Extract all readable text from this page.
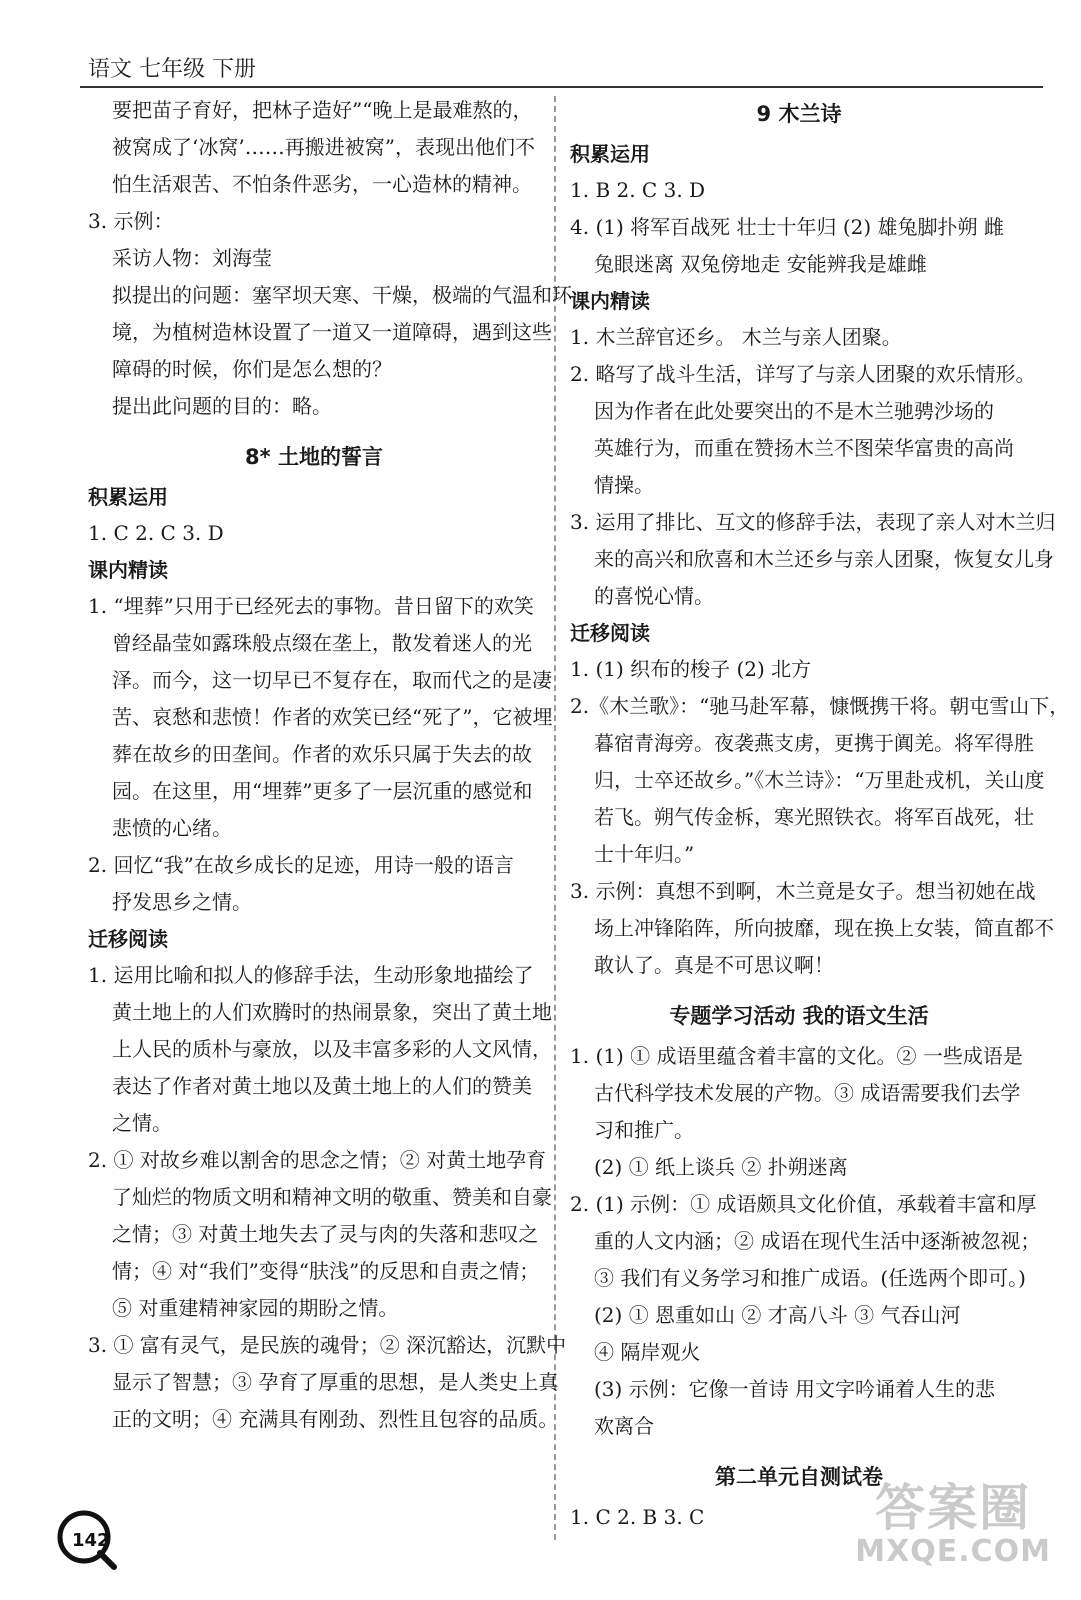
语文 七年级 下册
要把苗子育好，把林子造好”“晚上是最难熬的，
被窝成了‘冰窝’……再搬进被窝”，表现出他们不
怕生活艰苦、不怕条件恶劣，一心造林的精神。
3. 示例：
采访人物：刘海莹
拟提出的问题：塞罕坝天寒、干燥，极端的气温和环
境，为植树造林设置了一道又一道障碍，遇到这些
障碍的时候，你们是怎么想的？
提出此问题的目的：略。
8* 土地的誓言
积累运用
1. C 2. C 3. D
课内精读
1. “埋葬”只用于已经死去的事物。昔日留下的欢笑
曾经晶莹如露珠般点缀在垄上，散发着迷人的光
泽。而今，这一切早已不复存在，取而代之的是凄
苦、哀愁和悲愤！作者的欢笑已经“死了”，它被埋
葬在故乡的田垄间。作者的欢乐只属于失去的故
园。在这里，用“埋葬”更多了一层沉重的感觉和
悲愤的心绪。
2. 回忆“我”在故乡成长的足迹，用诗一般的语言
抒发思乡之情。
迁移阅读
1. 运用比喻和拟人的修辞手法，生动形象地描绘了
黄土地上的人们欢腾时的热闹景象，突出了黄土地
上人民的质朴与豪放，以及丰富多彩的人文风情，
表达了作者对黄土地以及黄土地上的人们的赞美
之情。
2. ① 对故乡难以割舍的思念之情；② 对黄土地孕育
了灿烂的物质文明和精神文明的敬重、赞美和自豪
之情；③ 对黄土地失去了灵与肉的失落和悲叹之
情；④ 对“我们”变得“肤浅”的反思和自责之情；
⑤ 对重建精神家园的期盼之情。
3. ① 富有灵气，是民族的魂骨；② 深沉豁达，沉默中
显示了智慧；③ 孕育了厚重的思想，是人类史上真
正的文明；④ 充满具有刚劲、烈性且包容的品质。
9 木兰诗
积累运用
1. B 2. C 3. D
4. (1) 将军百战死 壮士十年归 (2) 雄兔脚扑朔 雌
兔眼迷离 双兔傍地走 安能辨我是雄雌
课内精读
1. 木兰辞官还乡。 木兰与亲人团聚。
2. 略写了战斗生活，详写了与亲人团聚的欢乐情形。
因为作者在此处要突出的不是木兰驰骋沙场的
英雄行为，而重在赞扬木兰不图荣华富贵的高尚
情操。
3. 运用了排比、互文的修辞手法，表现了亲人对木兰归
来的高兴和欣喜和木兰还乡与亲人团聚，恢复女儿身
的喜悦心情。
迁移阅读
1. (1) 织布的梭子 (2) 北方
2.《木兰歌》：“驰马赴军幕，慷慨携干将。朝屯雪山下，
暮宿青海旁。夜袭燕支虏，更携于阗羌。将军得胜
归，士卒还故乡。”《木兰诗》：“万里赴戎机，关山度
若飞。朔气传金柝，寒光照铁衣。将军百战死，壮
士十年归。”
3. 示例：真想不到啊，木兰竟是女子。想当初她在战
场上冲锋陷阵，所向披靡，现在换上女装，简直都不
敢认了。真是不可思议啊！
专题学习活动 我的语文生活
1. (1) ① 成语里蕴含着丰富的文化。② 一些成语是
古代科学技术发展的产物。③ 成语需要我们去学
习和推广。
(2) ① 纸上谈兵 ② 扑朔迷离
2. (1) 示例：① 成语颇具文化价值，承载着丰富和厚
重的人文内涵；② 成语在现代生活中逐渐被忽视；
③ 我们有义务学习和推广成语。(任选两个即可。)
(2) ① 恩重如山 ② 才高八斗 ③ 气吞山河
④ 隔岸观火
(3) 示例：它像一首诗 用文字吟诵着人生的悲
欢离合
第二单元自测试卷
1. C 2. B 3. C
142
答案圈
MXQE.COM
